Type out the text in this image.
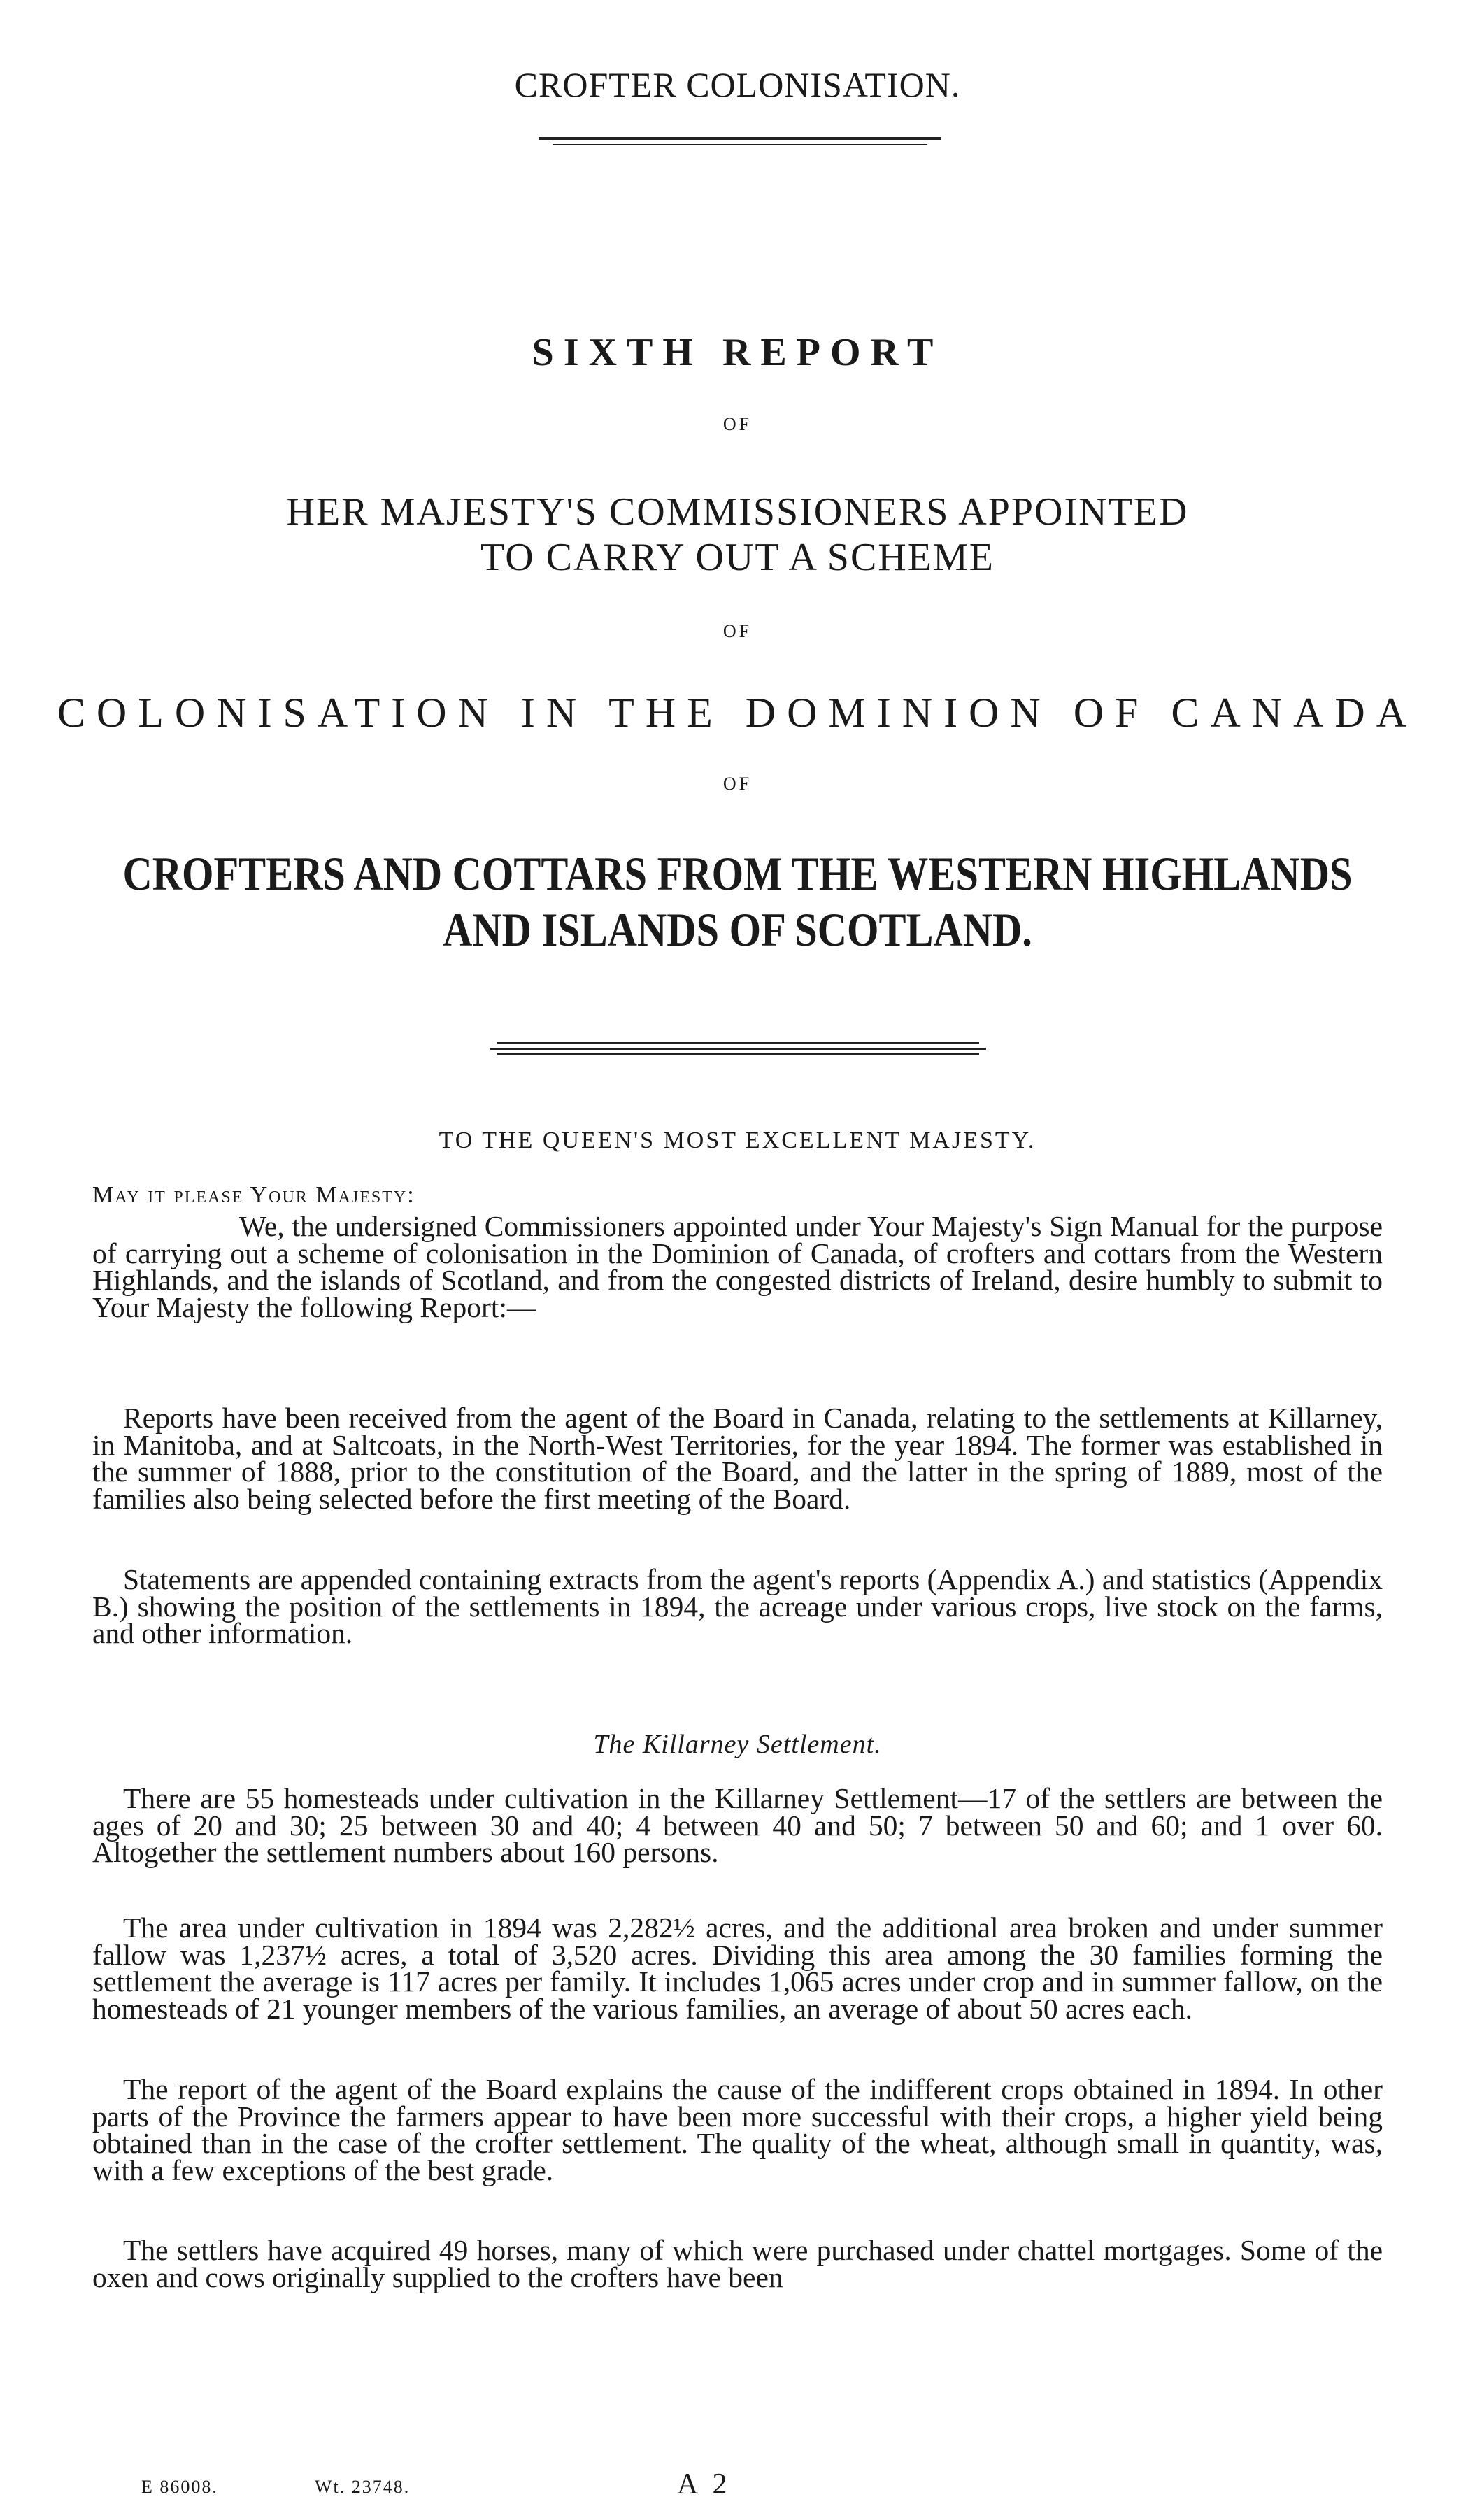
CROFTER COLONISATION.
SIXTH REPORT
OF
HER MAJESTY'S COMMISSIONERS APPOINTED
TO CARRY OUT A SCHEME
OF
COLONISATION IN THE DOMINION OF CANADA
OF
CROFTERS AND COTTARS FROM THE WESTERN HIGHLANDS
AND ISLANDS OF SCOTLAND.
TO THE QUEEN'S MOST EXCELLENT MAJESTY.
May it please Your Majesty:
We, the undersigned Commissioners appointed under Your Majesty's Sign Manual for the purpose of carrying out a scheme of colonisation in the Dominion of Canada, of crofters and cottars from the Western Highlands, and the islands of Scotland, and from the congested districts of Ireland, desire humbly to submit to Your Majesty the following Report:—
Reports have been received from the agent of the Board in Canada, relating to the settlements at Killarney, in Manitoba, and at Saltcoats, in the North-West Territories, for the year 1894. The former was established in the summer of 1888, prior to the constitution of the Board, and the latter in the spring of 1889, most of the families also being selected before the first meeting of the Board.
Statements are appended containing extracts from the agent's reports (Appendix A.) and statistics (Appendix B.) showing the position of the settlements in 1894, the acreage under various crops, live stock on the farms, and other information.
The Killarney Settlement.
There are 55 homesteads under cultivation in the Killarney Settlement—17 of the settlers are between the ages of 20 and 30; 25 between 30 and 40; 4 between 40 and 50; 7 between 50 and 60; and 1 over 60. Altogether the settlement numbers about 160 persons.
The area under cultivation in 1894 was 2,282½ acres, and the additional area broken and under summer fallow was 1,237½ acres, a total of 3,520 acres. Dividing this area among the 30 families forming the settlement the average is 117 acres per family. It includes 1,065 acres under crop and in summer fallow, on the homesteads of 21 younger members of the various families, an average of about 50 acres each.
The report of the agent of the Board explains the cause of the indifferent crops obtained in 1894. In other parts of the Province the farmers appear to have been more successful with their crops, a higher yield being obtained than in the case of the crofter settlement. The quality of the wheat, although small in quantity, was, with a few exceptions of the best grade.
The settlers have acquired 49 horses, many of which were purchased under chattel mortgages. Some of the oxen and cows originally supplied to the crofters have been
E 86008.	Wt. 23748.	A 2
